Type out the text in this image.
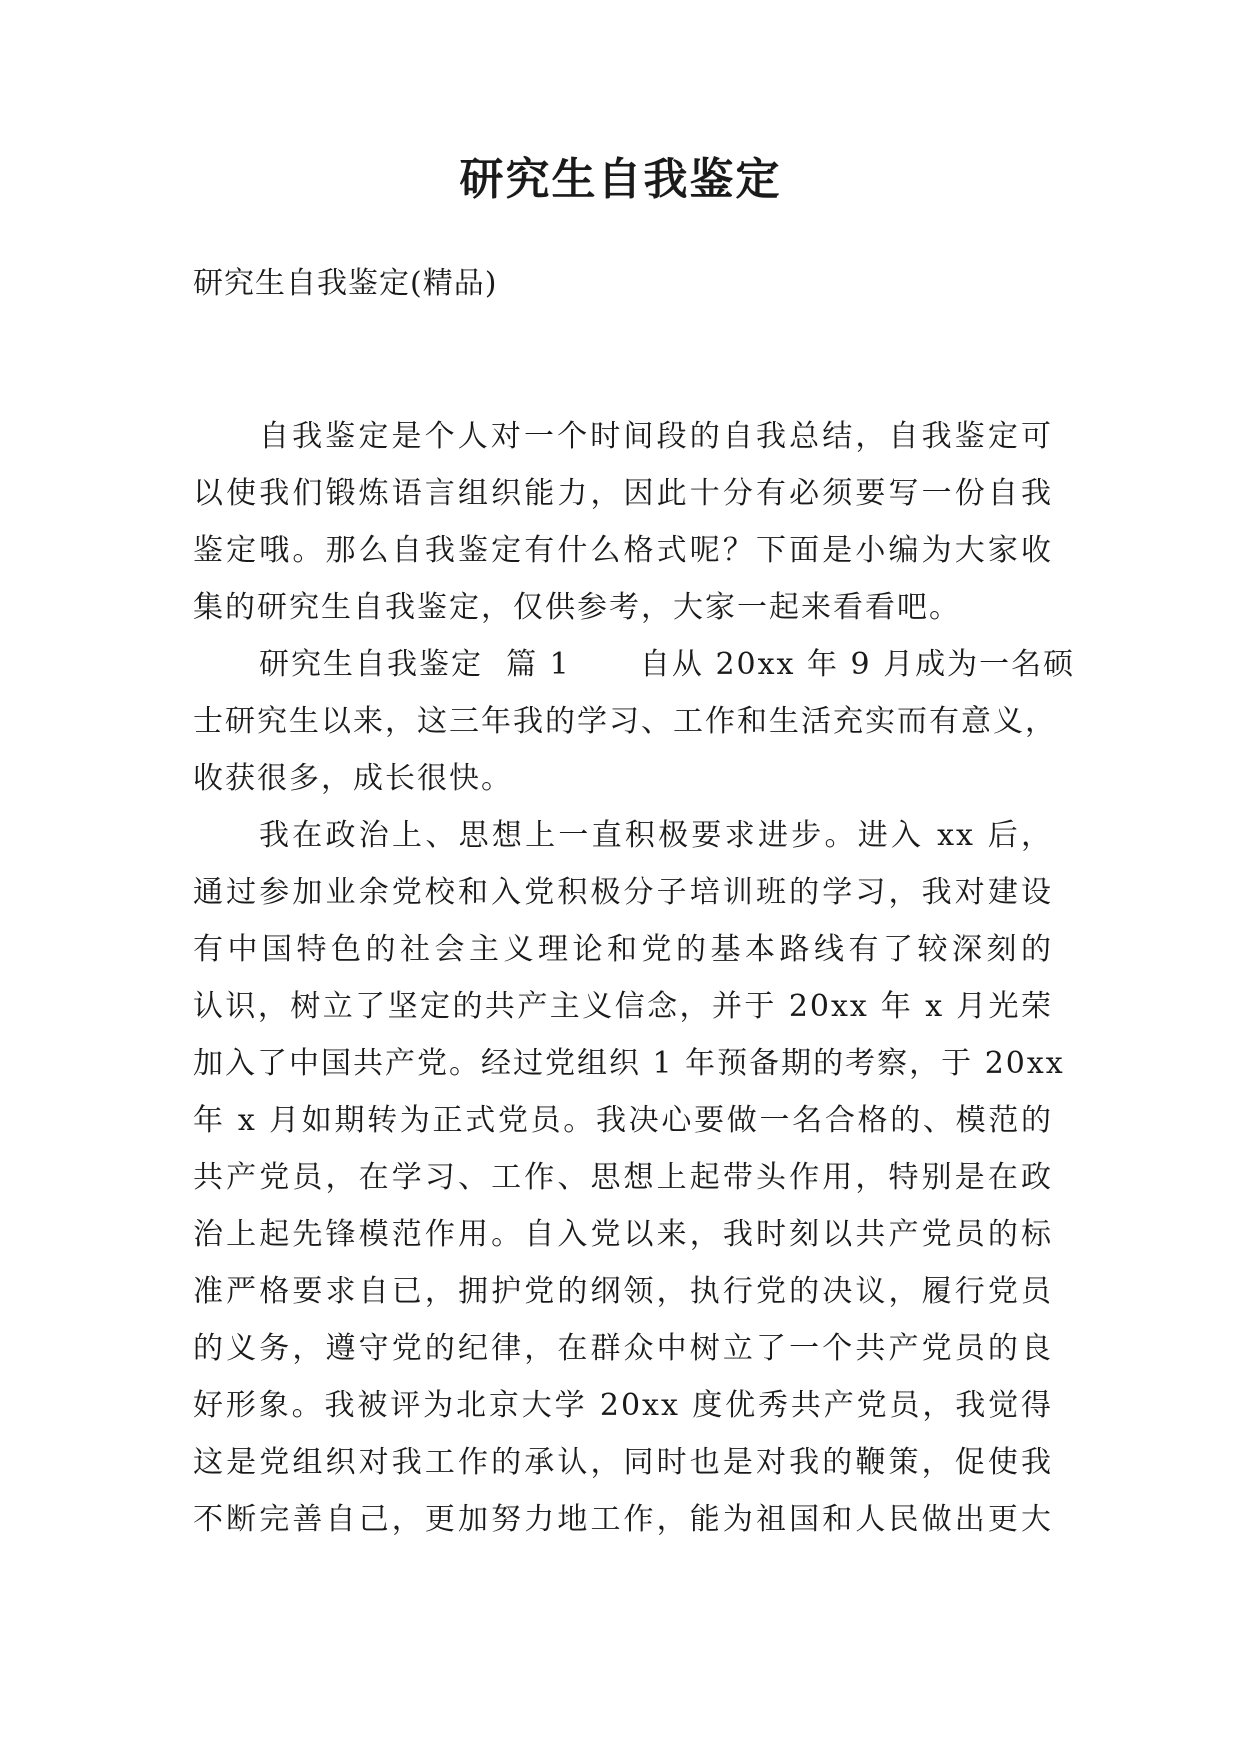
研究生自我鉴定

研究生自我鉴定(精品)

自我鉴定是个人对一个时间段的自我总结，自我鉴定可
以使我们锻炼语言组织能力，因此十分有必须要写一份自我
鉴定哦。那么自我鉴定有什么格式呢？下面是小编为大家收
集的研究生自我鉴定，仅供参考，大家一起来看看吧。

研究生自我鉴定  篇 1      自从 20xx 年 9 月成为一名硕
士研究生以来，这三年我的学习、工作和生活充实而有意义，
收获很多，成长很快。

我在政治上、思想上一直积极要求进步。进入 xx 后，
通过参加业余党校和入党积极分子培训班的学习，我对建设
有中国特色的社会主义理论和党的基本路线有了较深刻的
认识，树立了坚定的共产主义信念，并于 20xx 年 x 月光荣
加入了中国共产党。经过党组织 1 年预备期的考察，于 20xx
年 x 月如期转为正式党员。我决心要做一名合格的、模范的
共产党员，在学习、工作、思想上起带头作用，特别是在政
治上起先锋模范作用。自入党以来，我时刻以共产党员的标
准严格要求自已，拥护党的纲领，执行党的决议，履行党员
的义务，遵守党的纪律，在群众中树立了一个共产党员的良
好形象。我被评为北京大学 20xx 度优秀共产党员，我觉得
这是党组织对我工作的承认，同时也是对我的鞭策，促使我
不断完善自己，更加努力地工作，能为祖国和人民做出更大
